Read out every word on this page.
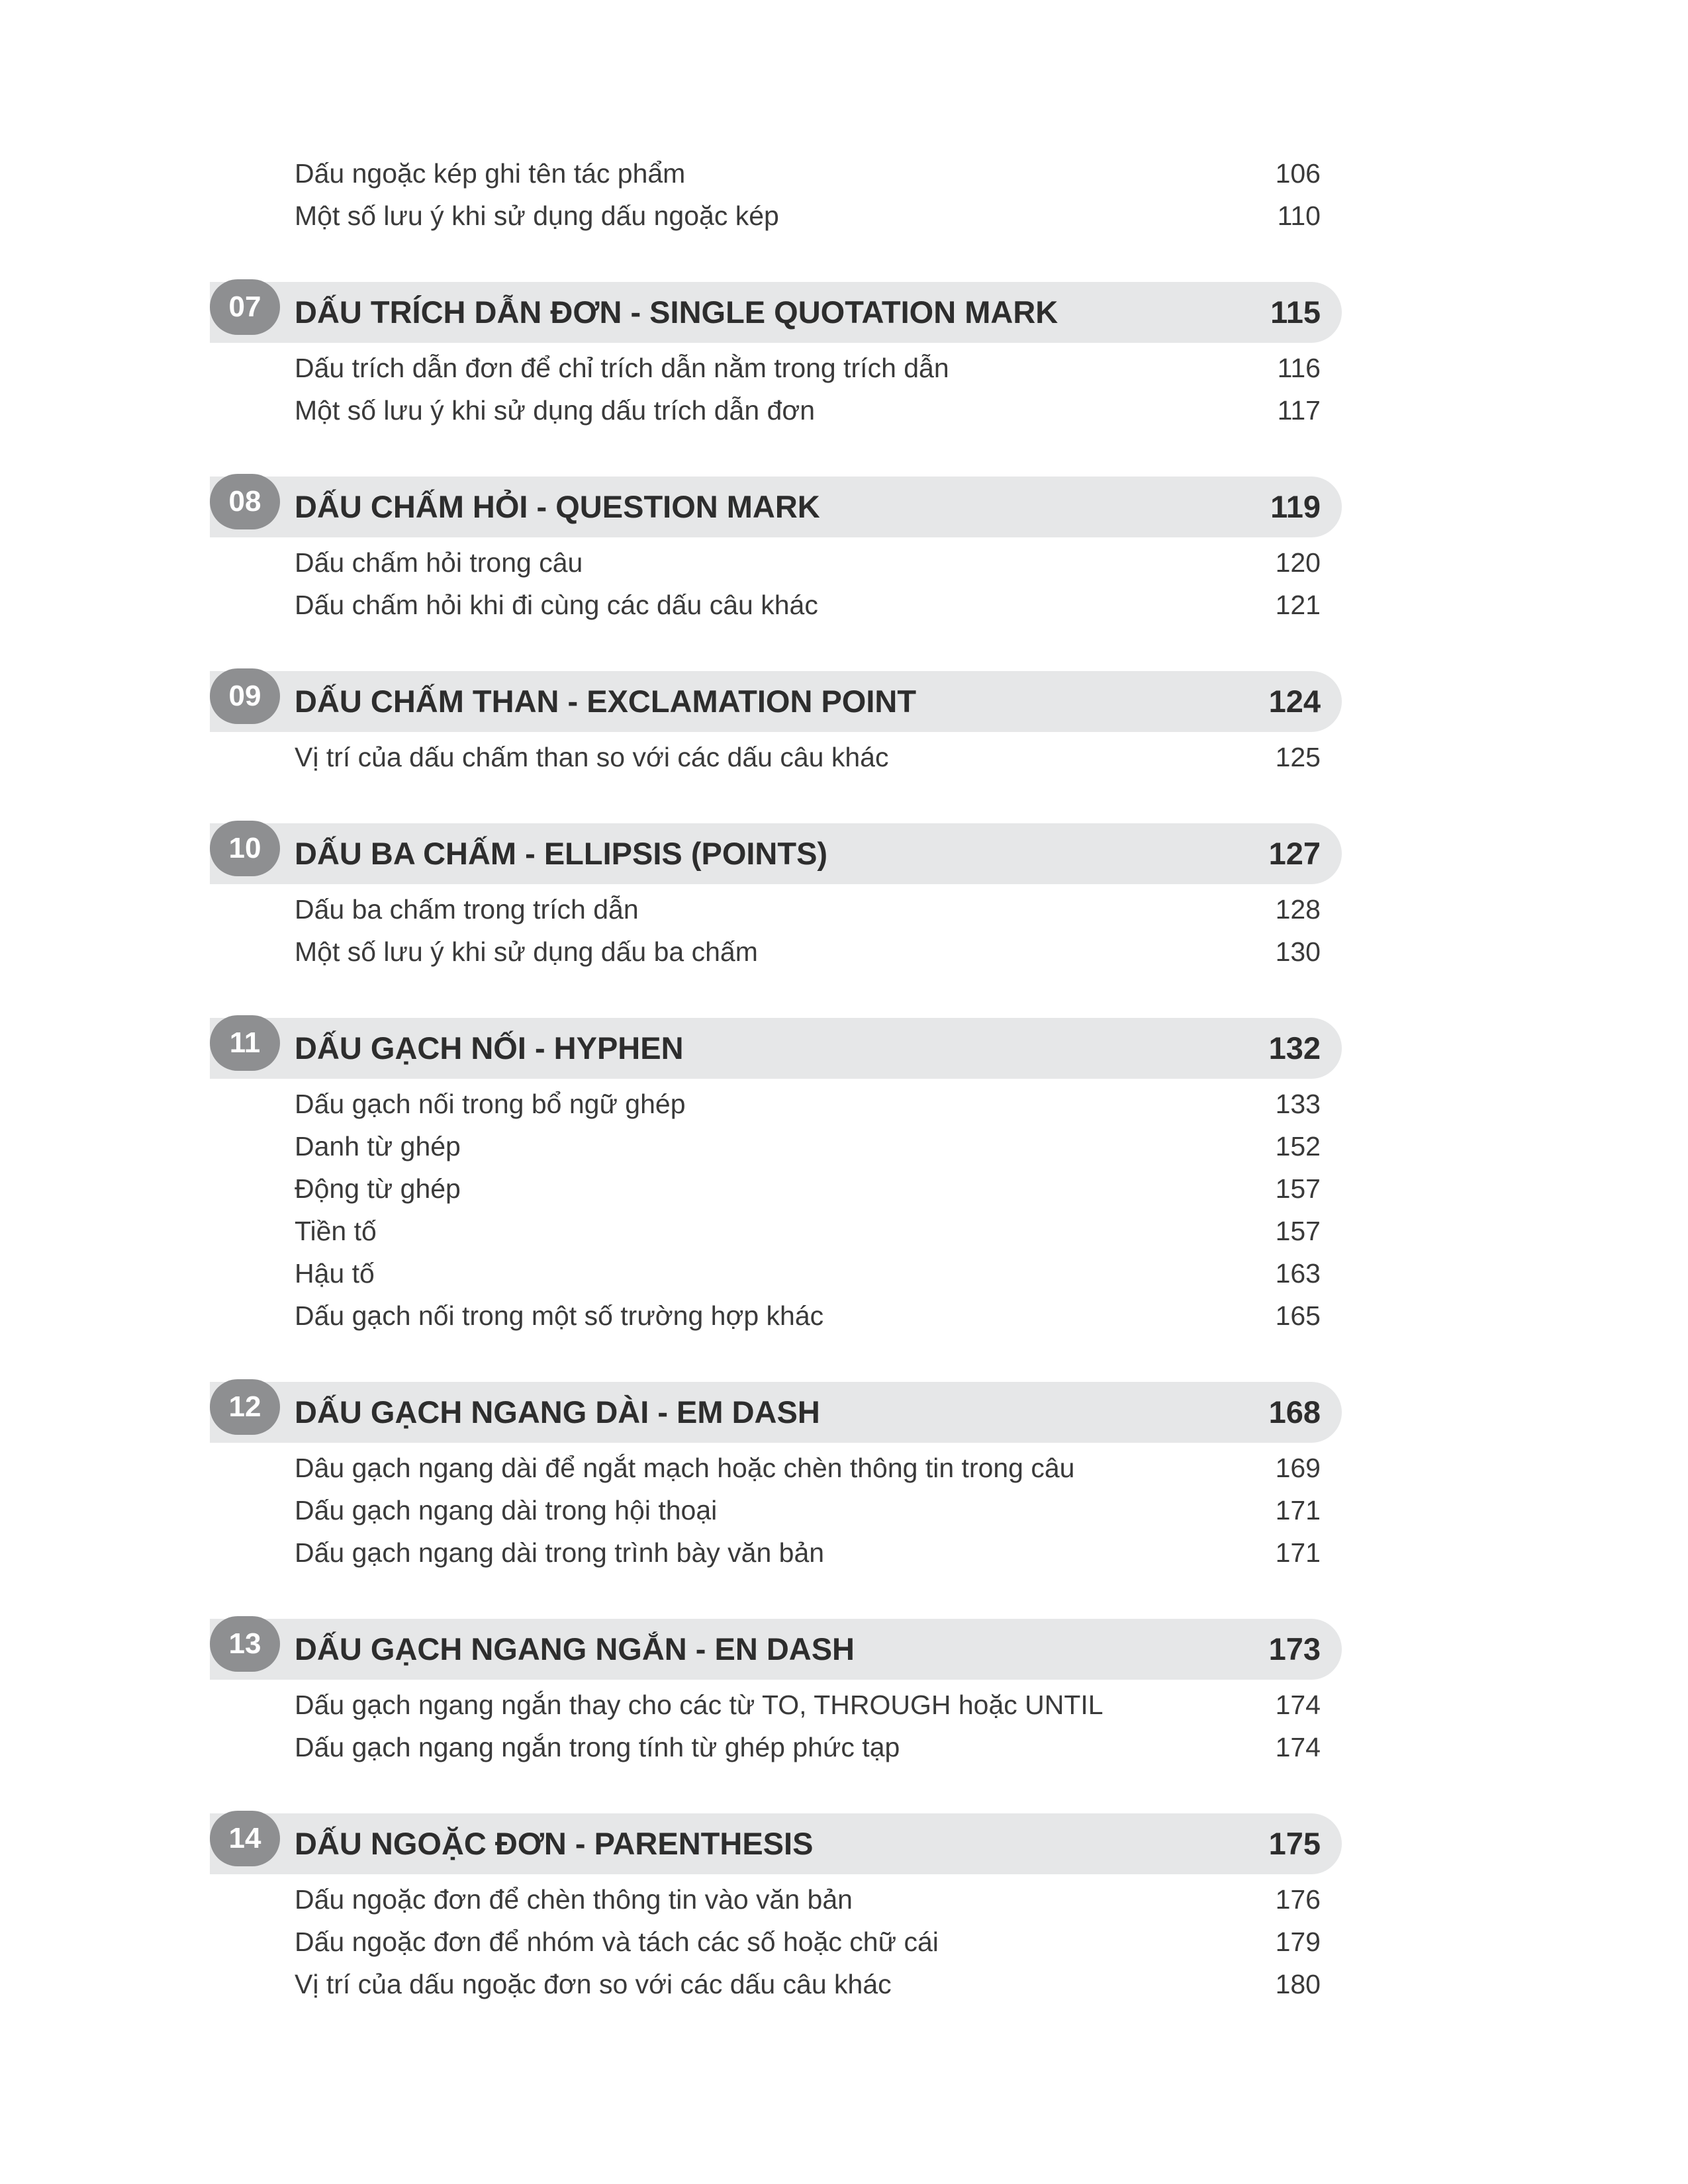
Dấu ngoặc kép ghi tên tác phẩm	106
Một số lưu ý khi sử dụng dấu ngoặc kép	110
07	DẤU TRÍCH DẪN ĐƠN - SINGLE QUOTATION MARK	115
Dấu trích dẫn đơn để chỉ trích dẫn nằm trong trích dẫn	116
Một số lưu ý khi sử dụng dấu trích dẫn đơn	117
08	DẤU CHẤM HỎI - QUESTION MARK	119
Dấu chấm hỏi trong câu	120
Dấu chấm hỏi khi đi cùng các dấu câu khác	121
09	DẤU CHẤM THAN - EXCLAMATION POINT	124
Vị trí của dấu chấm than so với các dấu câu khác	125
10	DẤU BA CHẤM - ELLIPSIS (POINTS)	127
Dấu ba chấm trong trích dẫn	128
Một số lưu ý khi sử dụng dấu ba chấm	130
11	DẤU GẠCH NỐI - HYPHEN	132
Dấu gạch nối trong bổ ngữ ghép	133
Danh từ ghép	152
Động từ ghép	157
Tiền tố	157
Hậu tố	163
Dấu gạch nối trong một số trường hợp khác	165
12	DẤU GẠCH NGANG DÀI - EM DASH	168
Dâu gạch ngang dài để ngắt mạch hoặc chèn thông tin trong câu	169
Dấu gạch ngang dài trong hội thoại	171
Dấu gạch ngang dài trong trình bày văn bản	171
13	DẤU GẠCH NGANG NGẮN - EN DASH	173
Dấu gạch ngang ngắn thay cho các từ TO, THROUGH hoặc UNTIL	174
Dấu gạch ngang ngắn trong tính từ ghép phức tạp	174
14	DẤU NGOẶC ĐƠN - PARENTHESIS	175
Dấu ngoặc đơn để chèn thông tin vào văn bản	176
Dấu ngoặc đơn để nhóm và tách các số hoặc chữ cái	179
Vị trí của dấu ngoặc đơn so với các dấu câu khác	180
